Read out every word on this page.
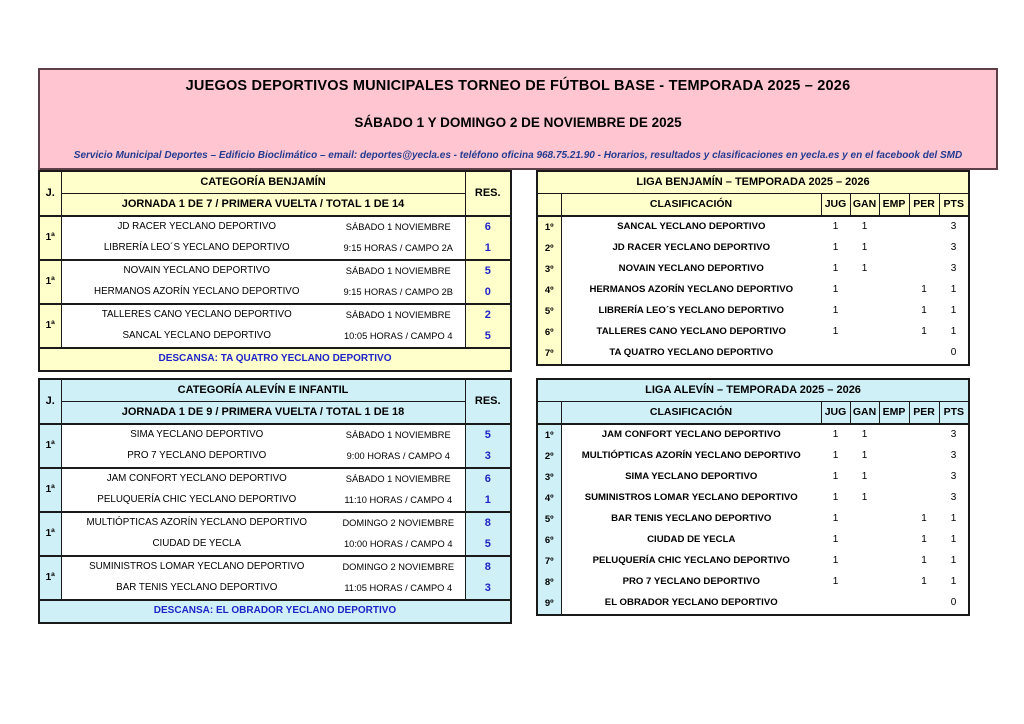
JUEGOS DEPORTIVOS MUNICIPALES TORNEO DE FÚTBOL BASE - TEMPORADA 2025 – 2026
SÁBADO 1 Y DOMINGO 2 DE NOVIEMBRE DE 2025
Servicio Municipal Deportes – Edificio Bioclimático – email: deportes@yecla.es - teléfono oficina 968.75.21.90 - Horarios, resultados y clasificaciones en yecla.es y en el facebook del SMD
J.	CATEGORÍA BENJAMÍN		RES.
	JORNADA 1 DE 7 / PRIMERA VUELTA / TOTAL 1 DE 14		
1ª	JD RACER YECLANO DEPORTIVO	SÁBADO 1 NOVIEMBRE	6
	LIBRERÍA LEO´S YECLANO DEPORTIVO	9:15 HORAS / CAMPO 2A	1
1ª	NOVAIN YECLANO DEPORTIVO	SÁBADO 1 NOVIEMBRE	5
	HERMANOS AZORÍN YECLANO DEPORTIVO	9:15 HORAS / CAMPO 2B	0
1ª	TALLERES CANO YECLANO DEPORTIVO	SÁBADO 1 NOVIEMBRE	2
	SANCAL YECLANO DEPORTIVO	10:05 HORAS / CAMPO 4	5
DESCANSA: TA QUATRO YECLANO DEPORTIVO			
LIGA BENJAMÍN – TEMPORADA 2025 – 2026						
	CLASIFICACIÓN	JUG	GAN	EMP	PER	PTS
1º	SANCAL YECLANO DEPORTIVO	1	1			3
2º	JD RACER YECLANO DEPORTIVO	1	1			3
3º	NOVAIN YECLANO DEPORTIVO	1	1			3
4º	HERMANOS AZORÍN YECLANO DEPORTIVO	1			1	1
5º	LIBRERÍA LEO´S YECLANO DEPORTIVO	1			1	1
6º	TALLERES CANO YECLANO DEPORTIVO	1			1	1
7º	TA QUATRO YECLANO DEPORTIVO					0
J.	CATEGORÍA ALEVÍN E INFANTIL		RES.
	JORNADA 1 DE 9 / PRIMERA VUELTA / TOTAL 1 DE 18		
1ª	SIMA YECLANO DEPORTIVO	SÁBADO 1 NOVIEMBRE	5
	PRO 7 YECLANO DEPORTIVO	9:00 HORAS / CAMPO 4	3
1ª	JAM CONFORT YECLANO DEPORTIVO	SÁBADO 1 NOVIEMBRE	6
	PELUQUERÍA CHIC YECLANO DEPORTIVO	11:10 HORAS / CAMPO 4	1
1ª	MULTIÓPTICAS AZORÍN YECLANO DEPORTIVO	DOMINGO 2 NOVIEMBRE	8
	CIUDAD DE YECLA	10:00 HORAS / CAMPO 4	5
1ª	SUMINISTROS LOMAR YECLANO DEPORTIVO	DOMINGO 2 NOVIEMBRE	8
	BAR TENIS YECLANO DEPORTIVO	11:05 HORAS / CAMPO 4	3
DESCANSA: EL OBRADOR YECLANO DEPORTIVO			
LIGA ALEVÍN – TEMPORADA 2025 – 2026						
	CLASIFICACIÓN	JUG	GAN	EMP	PER	PTS
1º	JAM CONFORT YECLANO DEPORTIVO	1	1			3
2º	MULTIÓPTICAS AZORÍN YECLANO DEPORTIVO	1	1			3
3º	SIMA YECLANO DEPORTIVO	1	1			3
4º	SUMINISTROS LOMAR YECLANO DEPORTIVO	1	1			3
5º	BAR TENIS YECLANO DEPORTIVO	1			1	1
6º	CIUDAD DE YECLA	1			1	1
7º	PELUQUERÍA CHIC YECLANO DEPORTIVO	1			1	1
8º	PRO 7 YECLANO DEPORTIVO	1			1	1
9º	EL OBRADOR YECLANO DEPORTIVO					0
